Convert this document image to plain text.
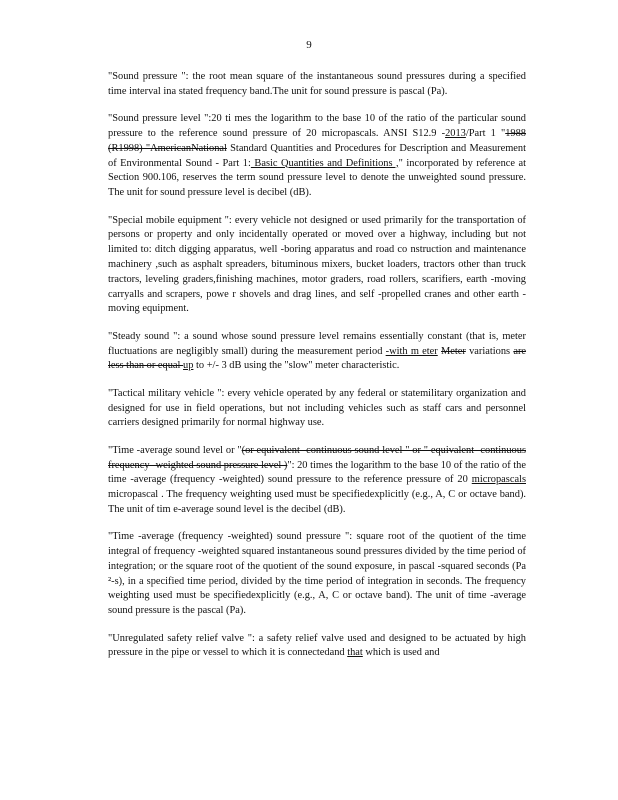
9

"Sound pressure ": the root mean square of the instantaneous sound pressures during a specified time interval ina stated frequency band.The unit for sound pressure is pascal (Pa).

"Sound pressure level ":20 ti mes the logarithm to the base 10 of the ratio of the particular sound pressure to the reference sound pressure of 20 micropascals. ANSI S12.9 -2013/Part 1 "1988 (R1998) "AmericanNational Standard Quantities and Procedures for Description and Measurement of Environmental Sound - Part 1: Basic Quantities and Definitions ," incorporated by reference at Section 900.106, reserves the term sound pressure level to denote the unweighted sound pressure. The unit for sound pressure level is decibel (dB).

"Special mobile equipment ": every vehicle not designed or used primarily for the transportation of persons or property and only incidentally operated or moved over a highway, including but not limited to: ditch digging apparatus, well -boring apparatus and road co nstruction and maintenance machinery ,such as asphalt spreaders, bituminous mixers, bucket loaders, tractors other than truck tractors, leveling graders,finishing machines, motor graders, road rollers, scarifiers, earth -moving carryalls and scrapers, powe r shovels and drag lines, and self -propelled cranes and other earth -moving equipment.

"Steady sound ": a sound whose sound pressure level remains essentially constant (that is, meter fluctuations are negligibly small) during the measurement period -with m eter Meter variations are less than or equal up to +/- 3 dB using the "slow" meter characteristic.

"Tactical military vehicle ": every vehicle operated by any federal or statemilitary organization and designed for use in field operations, but not including vehicles such as staff cars and personnel carriers designed primarily for normal highway use.

"Time -average sound level or "(or equivalent -continuous sound level " or " equivalent -continuous frequency -weighted sound pressure level )": 20 times the logarithm to the base 10 of the ratio of the time -average (frequency -weighted) sound pressure to the reference pressure of 20 micropascals micropascal . The frequency weighting used must be specifiedexplicitly (e.g., A, C or octave band). The unit of tim e-average sound level is the decibel (dB).

"Time -average (frequency -weighted) sound pressure ": square root of the quotient of the time integral of frequency -weighted squared instantaneous sound pressures divided by the time period of integration; or the square root of the quotient of the sound exposure, in pascal -squared seconds (Pa ²-s), in a specified time period, divided by the time period of integration in seconds. The frequency weighting used must be specifiedexplicitly (e.g., A, C or octave band). The unit of time -average sound pressure is the pascal (Pa).

"Unregulated safety relief valve ": a safety relief valve used and designed to be actuated by high pressure in the pipe or vessel to which it is connectedand that which is used and
